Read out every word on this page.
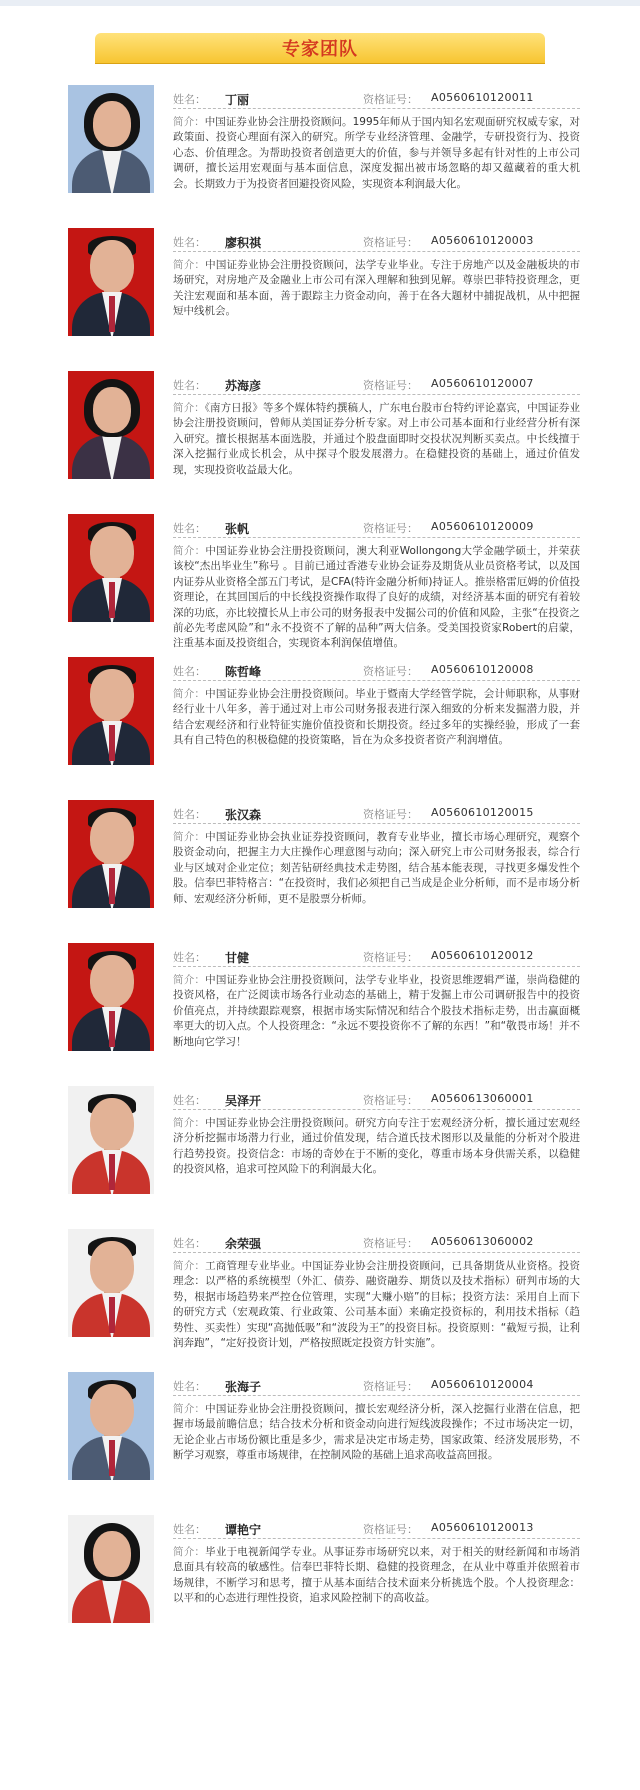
专家团队
姓名： 丁丽	资格证号： A0560610120011
简介：中国证券业协会注册投资顾问。1995年师从于国内知名宏观面研究权威专家，对政策面、投资心理面有深入的研究。所学专业经济管理、金融学，专研投资行为、投资心态、价值理念。为帮助投资者创造更大的价值，参与并领导多起有针对性的上市公司调研，擅长运用宏观面与基本面信息，深度发掘出被市场忽略的却又蕴藏着的重大机会。长期致力于为投资者回避投资风险，实现资本利润最大化。
姓名： 廖积祺	资格证号： A0560610120003
简介：中国证券业协会注册投资顾问，法学专业毕业。专注于房地产以及金融板块的市场研究，对房地产及金融业上市公司有深入理解和独到见解。尊崇巴菲特投资理念，更关注宏观面和基本面，善于跟踪主力资金动向，善于在各大题材中捕捉战机，从中把握短中线机会。
姓名： 苏海彦	资格证号： A0560610120007
简介：《南方日报》等多个媒体特约撰稿人，广东电台股市台特约评论嘉宾，中国证券业协会注册投资顾问，曾师从美国证券分析专家。对上市公司基本面和行业经营分析有深入研究。擅长根据基本面选股，并通过个股盘面即时交投状况判断买卖点。中长线擅于深入挖掘行业成长机会，从中探寻个股发展潜力。在稳健投资的基础上，通过价值发现，实现投资收益最大化。
姓名： 张帆	资格证号： A0560610120009
简介：中国证券业协会注册投资顾问，澳大利亚Wollongong大学金融学硕士，并荣获该校“杰出毕业生”称号 。目前已通过香港专业协会证券及期货从业员资格考试，以及国内证券从业资格全部五门考试，是CFA(特许金融分析师)持证人。推崇格雷厄姆的价值投资理论，在其回国后的中长线投资操作取得了良好的成绩，对经济基本面的研究有着较深的功底，亦比较擅长从上市公司的财务报表中发掘公司的价值和风险，主张“在投资之前必先考虑风险”和“永不投资不了解的品种”两大信条。受美国投资家Robert的启蒙，注重基本面及投资组合，实现资本利润保值增值。
姓名： 陈哲峰	资格证号： A0560610120008
简介：中国证券业协会注册投资顾问。毕业于暨南大学经管学院，会计师职称，从事财经行业十八年多，善于通过对上市公司财务报表进行深入细致的分析来发掘潜力股，并结合宏观经济和行业特征实施价值投资和长期投资。经过多年的实操经验，形成了一套具有自己特色的积极稳健的投资策略，旨在为众多投资者资产利润增值。
姓名： 张汉森	资格证号： A0560610120015
简介：中国证券业协会执业证券投资顾问，教育专业毕业，擅长市场心理研究，观察个股资金动向，把握主力大庄操作心理意图与动向；深入研究上市公司财务报表，综合行业与区域对企业定位；刻苦钻研经典技术走势图，结合基本能表现，寻找更多爆发性个股。信奉巴菲特格言：“在投资时，我们必须把自己当成是企业分析师，而不是市场分析师、宏观经济分析师，更不是股票分析师。
姓名： 甘健	资格证号： A0560610120012
简介：中国证券业协会注册投资顾问，法学专业毕业，投资思维逻辑严谨，崇尚稳健的投资风格，在广泛阅读市场各行业动态的基础上，精于发掘上市公司调研报告中的投资价值亮点，并持续跟踪观察，根据市场实际情况和结合个股技术指标走势，出击赢面概率更大的切入点。个人投资理念：“永远不要投资你不了解的东西！”和“敬畏市场！并不断地向它学习！
姓名： 吴泽开	资格证号： A0560613060001
简介：中国证券业协会注册投资顾问。研究方向专注于宏观经济分析，擅长通过宏观经济分析挖掘市场潜力行业，通过价值发现，结合道氏技术图形以及量能的分析对个股进行趋势投资。投资信念：市场的奇妙在于不断的变化，尊重市场本身供需关系，以稳健的投资风格，追求可控风险下的利润最大化。
姓名： 余荣强	资格证号： A0560613060002
简介：工商管理专业毕业。中国证券业协会注册投资顾问，已具备期货从业资格。投资理念：以严格的系统模型（外汇、债券、融资融券、期货以及技术指标）研判市场的大势，根据市场趋势来严控仓位管理，实现“大赚小赔”的目标；投资方法：采用自上而下的研究方式（宏观政策、行业政策、公司基本面）来确定投资标的，利用技术指标（趋势性、买卖性）实现“高抛低吸”和“波段为王”的投资目标。投资原则：“截短亏损，让利润奔跑”，“定好投资计划，严格按照既定投资方针实施”。
姓名： 张海子	资格证号： A0560610120004
简介：中国证券业协会注册投资顾问，擅长宏观经济分析，深入挖掘行业潜在信息，把握市场最前瞻信息；结合技术分析和资金动向进行短线波段操作；不过市场决定一切，无论企业占市场份额比重是多少，需求是决定市场走势，国家政策、经济发展形势，不断学习观察，尊重市场规律，在控制风险的基础上追求高收益高回报。
姓名： 谭艳宁	资格证号： A0560610120013
简介：毕业于电视新闻学专业。从事证券市场研究以来，对于相关的财经新闻和市场消息面具有较高的敏感性。信奉巴菲特长期、稳健的投资理念，在从业中尊重并依照着市场规律，不断学习和思考，擅于从基本面结合技术面来分析挑选个股。个人投资理念：以平和的心态进行理性投资，追求风险控制下的高收益。
